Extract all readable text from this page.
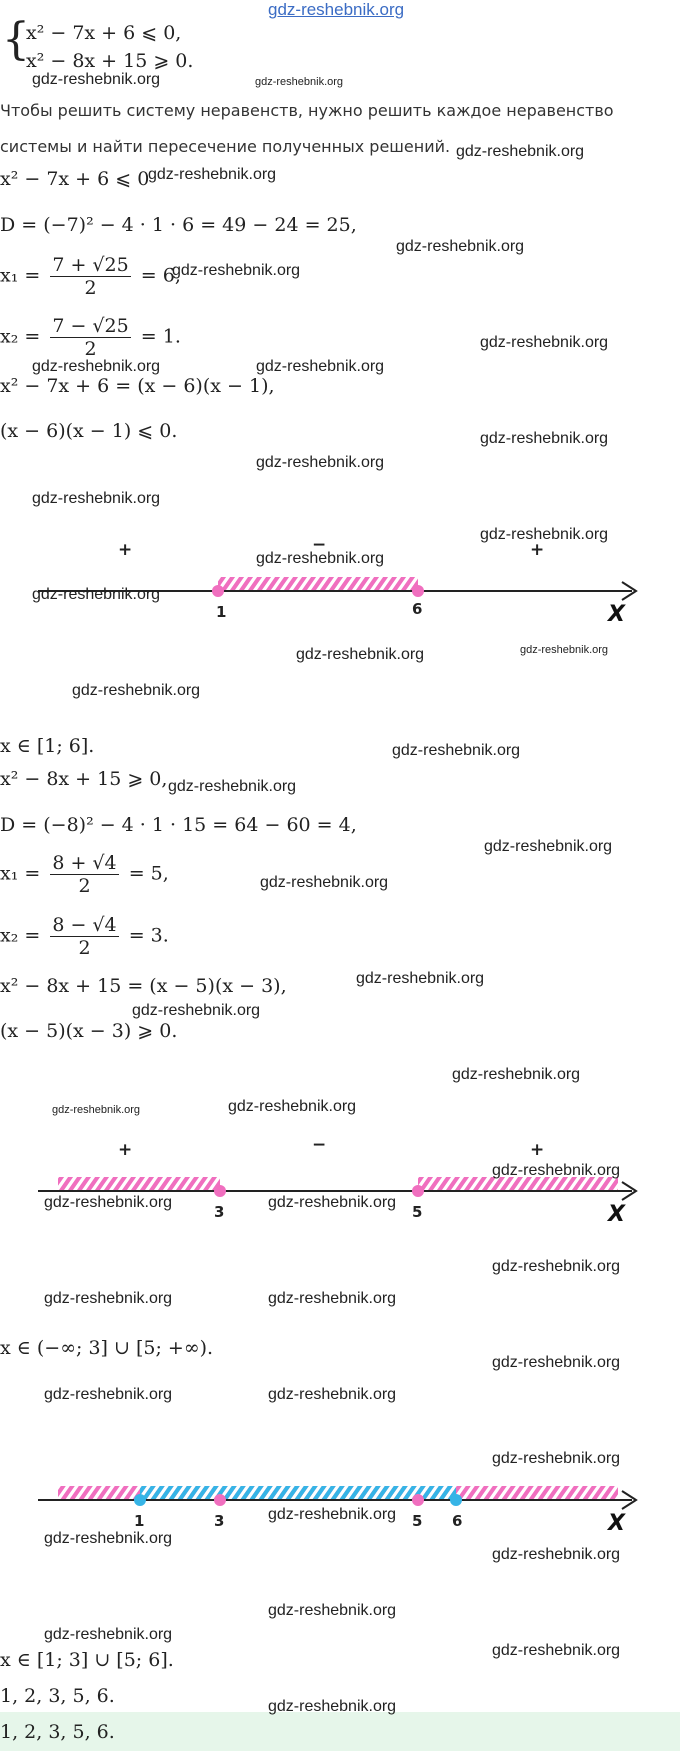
gdz-reshebnik.org
{
x² − 7x + 6 ⩽ 0,
x² − 8x + 15 ⩾ 0.
Чтобы решить систему неравенств, нужно решить каждое неравенство
системы и найти пересечение полученных решений.
x² − 7x + 6 ⩽ 0
D = (−7)² − 4 · 1 · 6 = 49 − 24 = 25,
$x_1 = \frac{7 + √25}{2} = 6$,
$x_2 = \frac{7 - √25}{2} = 1$.
x² − 7x + 6 = (x − 6)(x − 1),
(x − 6)(x − 1) ⩽ 0.
+	−	+
1	6	X
x ∈ [1; 6].
x² − 8x + 15 ⩾ 0,
D = (−8)² − 4 · 1 · 15 = 64 − 60 = 4,
$x_1 = \frac{8 + √4}{2} = 5$,
$x_2 = \frac{8 - √4}{2} = 3$.
x² − 8x + 15 = (x − 5)(x − 3),
(x − 5)(x − 3) ⩾ 0.
+	−	+
3	5	X
x ∈ (−∞; 3] ∪ [5; +∞).
1	3	5 6	X
x ∈ [1; 3] ∪ [5; 6].
1, 2, 3, 5, 6.
1, 2, 3, 5, 6.
gdz-reshebnik.org	gdz-reshebnik.org
gdz-reshebnik.org
gdz-reshebnik.org
gdz-reshebnik.org
gdz-reshebnik.org
gdz-reshebnik.org
gdz-reshebnik.org	gdz-reshebnik.org
gdz-reshebnik.org
gdz-reshebnik.org
gdz-reshebnik.org
gdz-reshebnik.org
gdz-reshebnik.org
gdz-reshebnik.org
gdz-reshebnik.org
gdz-reshebnik.org
gdz-reshebnik.org
gdz-reshebnik.org
gdz-reshebnik.org
gdz-reshebnik.org
gdz-reshebnik.org
gdz-reshebnik.org
gdz-reshebnik.org
gdz-reshebnik.org
gdz-reshebnik.org	gdz-reshebnik.org
gdz-reshebnik.org
gdz-reshebnik.org	gdz-reshebnik.org
gdz-reshebnik.org
gdz-reshebnik.org	gdz-reshebnik.org
gdz-reshebnik.org
gdz-reshebnik.org	gdz-reshebnik.org
gdz-reshebnik.org
gdz-reshebnik.org
gdz-reshebnik.org
gdz-reshebnik.org
gdz-reshebnik.org
gdz-reshebnik.org
gdz-reshebnik.org
gdz-reshebnik.org
